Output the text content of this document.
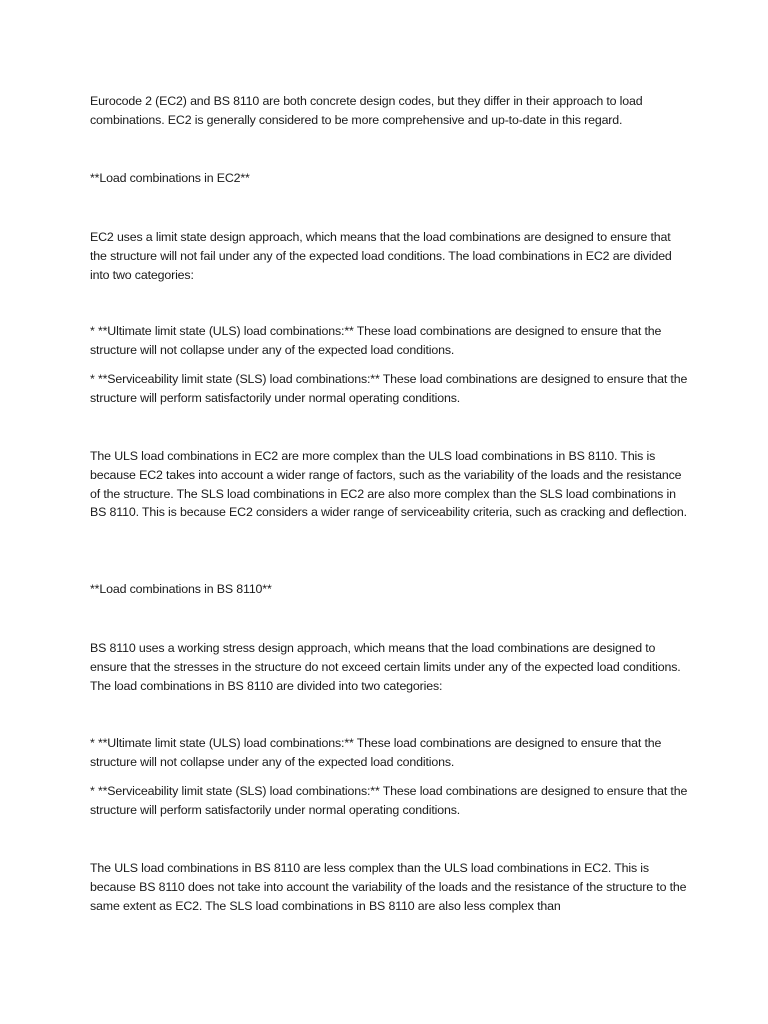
Eurocode 2 (EC2) and BS 8110 are both concrete design codes, but they differ in their approach to load combinations. EC2 is generally considered to be more comprehensive and up-to-date in this regard.

**Load combinations in EC2**

EC2 uses a limit state design approach, which means that the load combinations are designed to ensure that the structure will not fail under any of the expected load conditions. The load combinations in EC2 are divided into two categories:

* **Ultimate limit state (ULS) load combinations:** These load combinations are designed to ensure that the structure will not collapse under any of the expected load conditions.

* **Serviceability limit state (SLS) load combinations:** These load combinations are designed to ensure that the structure will perform satisfactorily under normal operating conditions.

The ULS load combinations in EC2 are more complex than the ULS load combinations in BS 8110. This is because EC2 takes into account a wider range of factors, such as the variability of the loads and the resistance of the structure. The SLS load combinations in EC2 are also more complex than the SLS load combinations in BS 8110. This is because EC2 considers a wider range of serviceability criteria, such as cracking and deflection.

**Load combinations in BS 8110**

BS 8110 uses a working stress design approach, which means that the load combinations are designed to ensure that the stresses in the structure do not exceed certain limits under any of the expected load conditions. The load combinations in BS 8110 are divided into two categories:

* **Ultimate limit state (ULS) load combinations:** These load combinations are designed to ensure that the structure will not collapse under any of the expected load conditions.

* **Serviceability limit state (SLS) load combinations:** These load combinations are designed to ensure that the structure will perform satisfactorily under normal operating conditions.

The ULS load combinations in BS 8110 are less complex than the ULS load combinations in EC2. This is because BS 8110 does not take into account the variability of the loads and the resistance of the structure to the same extent as EC2. The SLS load combinations in BS 8110 are also less complex than
